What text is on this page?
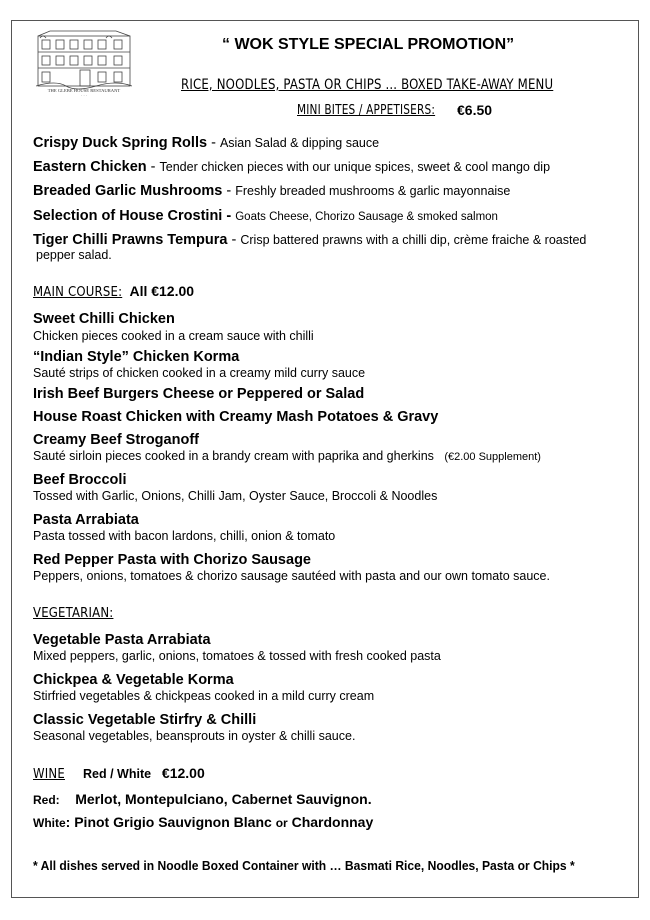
THE GLEBE HOUSE RESTAURANT
· · ·
“ WOK STYLE SPECIAL PROMOTION”
RICE, NOODLES, PASTA OR CHIPS ... BOXED TAKE-AWAY MENU
MINI BITES / APPETISERS: €6.50
Crispy Duck Spring Rolls - Asian Salad & dipping sauce
Eastern Chicken - Tender chicken pieces with our unique spices, sweet & cool mango dip
Breaded Garlic Mushrooms - Freshly breaded mushrooms & garlic mayonnaise
Selection of House Crostini - Goats Cheese, Chorizo Sausage & smoked salmon
Tiger Chilli Prawns Tempura - Crisp battered prawns with a chilli dip, crème fraiche & roasted
pepper salad.
MAIN COURSE: All €12.00
Sweet Chilli Chicken
Chicken pieces cooked in a cream sauce with chilli
“Indian Style” Chicken Korma
Sauté strips of chicken cooked in a creamy mild curry sauce
Irish Beef Burgers Cheese or Peppered or Salad
House Roast Chicken with Creamy Mash Potatoes & Gravy
Creamy Beef Stroganoff
Sauté sirloin pieces cooked in a brandy cream with paprika and gherkins (€2.00 Supplement)
Beef Broccoli
Tossed with Garlic, Onions, Chilli Jam, Oyster Sauce, Broccoli & Noodles
Pasta Arrabiata
Pasta tossed with bacon lardons, chilli, onion & tomato
Red Pepper Pasta with Chorizo Sausage
Peppers, onions, tomatoes & chorizo sausage sautéed with pasta and our own tomato sauce.
VEGETARIAN:
Vegetable Pasta Arrabiata
Mixed peppers, garlic, onions, tomatoes & tossed with fresh cooked pasta
Chickpea & Vegetable Korma
Stirfried vegetables & chickpeas cooked in a mild curry cream
Classic Vegetable Stirfry & Chilli
Seasonal vegetables, beansprouts in oyster & chilli sauce.
WINE Red / White €12.00
Red: Merlot, Montepulciano, Cabernet Sauvignon.
White: Pinot Grigio Sauvignon Blanc or Chardonnay
* All dishes served in Noodle Boxed Container with … Basmati Rice, Noodles, Pasta or Chips *
